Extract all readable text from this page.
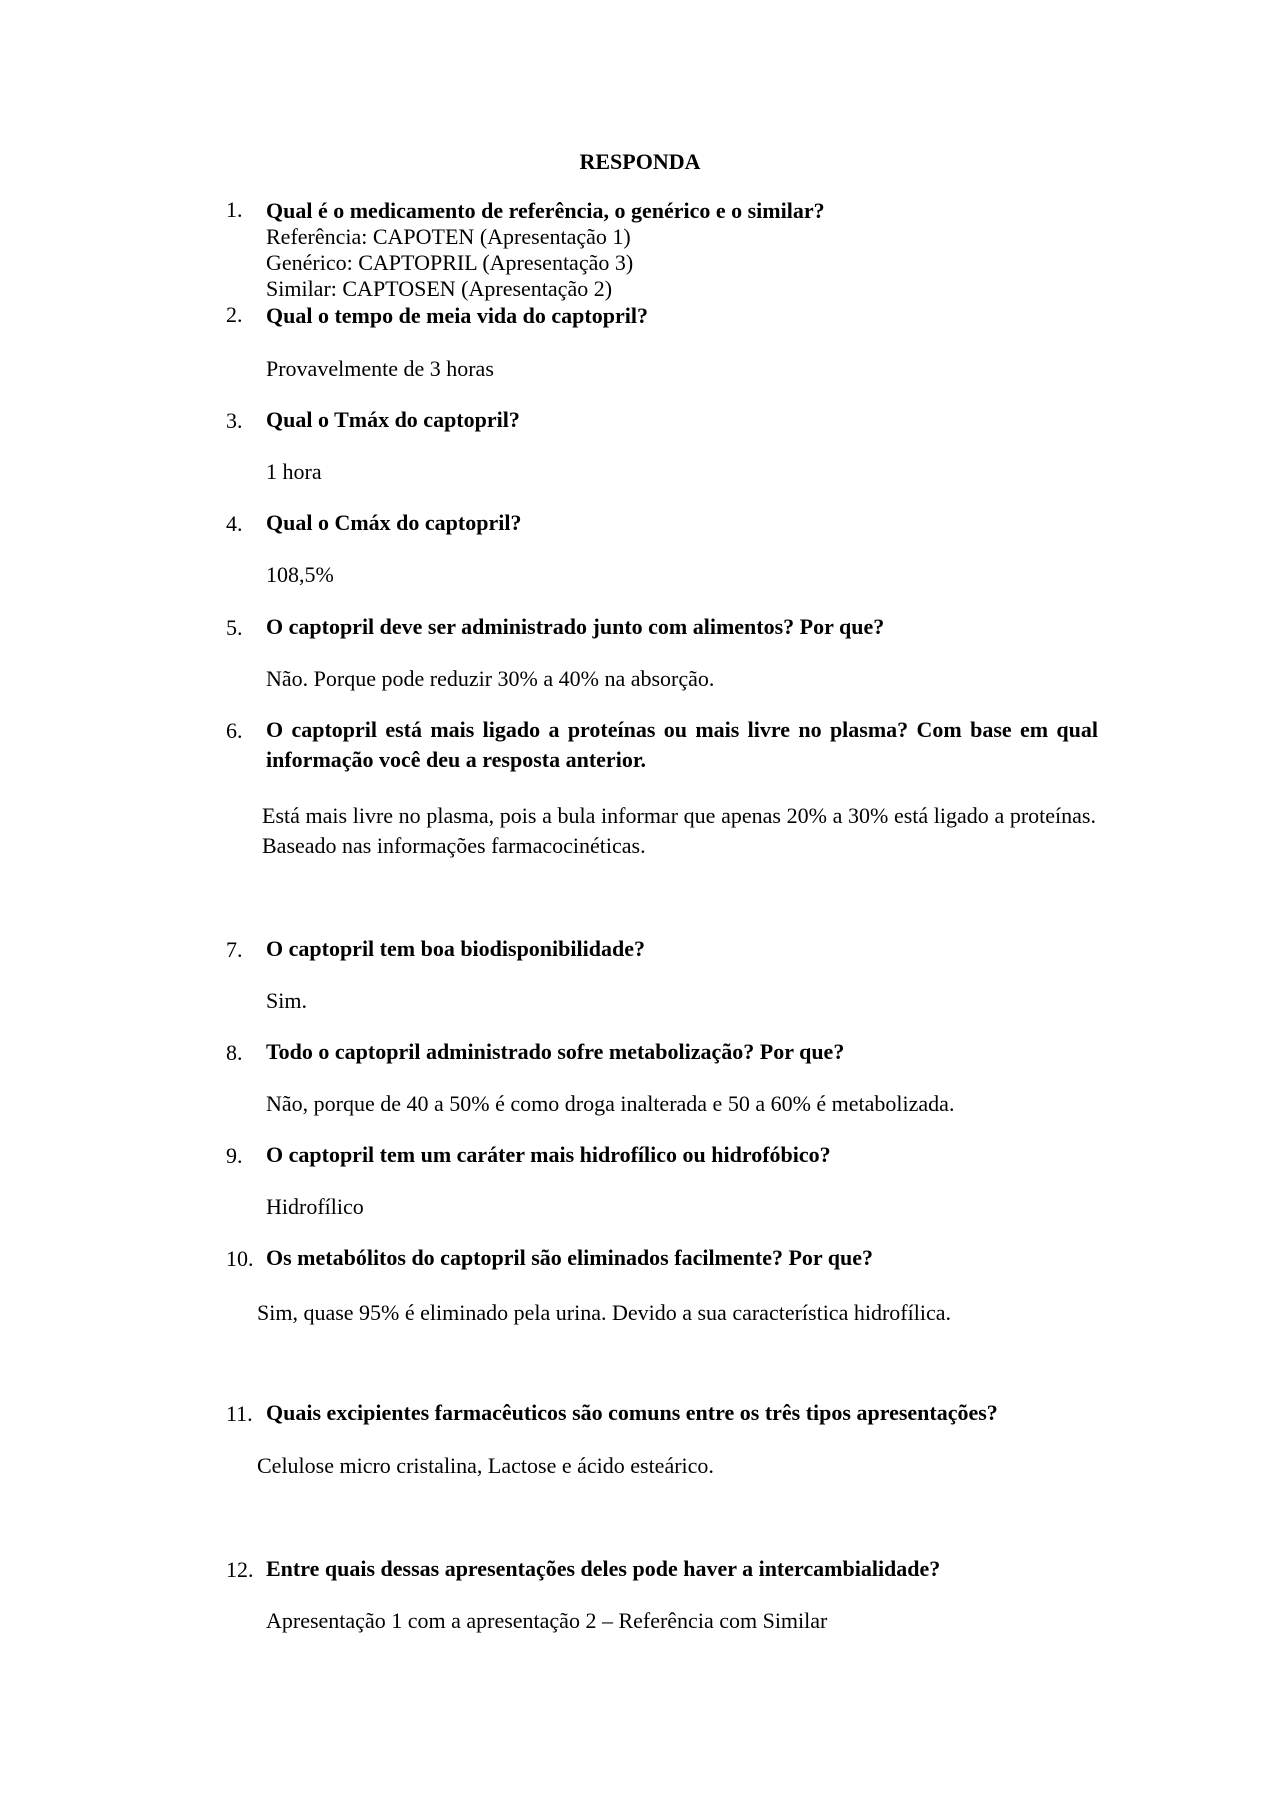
RESPONDA
1. Qual é o medicamento de referência, o genérico e o similar?
Referência: CAPOTEN (Apresentação 1)
Genérico: CAPTOPRIL (Apresentação 3)
Similar: CAPTOSEN (Apresentação 2)
2. Qual o tempo de meia vida do captopril?
Provavelmente de 3 horas
3. Qual o Tmáx do captopril?
1 hora
4. Qual o Cmáx do captopril?
108,5%
5. O captopril deve ser administrado junto com alimentos? Por que?
Não. Porque pode reduzir 30% a 40% na absorção.
6. O captopril está mais ligado a proteínas ou mais livre no plasma? Com base em qual informação você deu a resposta anterior.
Está mais livre no plasma, pois a bula informar que apenas 20% a 30% está ligado a proteínas. Baseado nas informações farmacocinéticas.
7. O captopril tem boa biodisponibilidade?
Sim.
8. Todo o captopril administrado sofre metabolização? Por que?
Não, porque de 40 a 50% é como droga inalterada e 50 a 60% é metabolizada.
9. O captopril tem um caráter mais hidrofílico ou hidrofóbico?
Hidrofílico
10. Os metabólitos do captopril são eliminados facilmente? Por que?
Sim, quase 95% é eliminado pela urina. Devido a sua característica hidrofílica.
11. Quais excipientes farmacêuticos são comuns entre os três tipos apresentações?
Celulose micro cristalina, Lactose e ácido esteárico.
12. Entre quais dessas apresentações deles pode haver a intercambialidade?
Apresentação 1 com a apresentação 2 – Referência com Similar
